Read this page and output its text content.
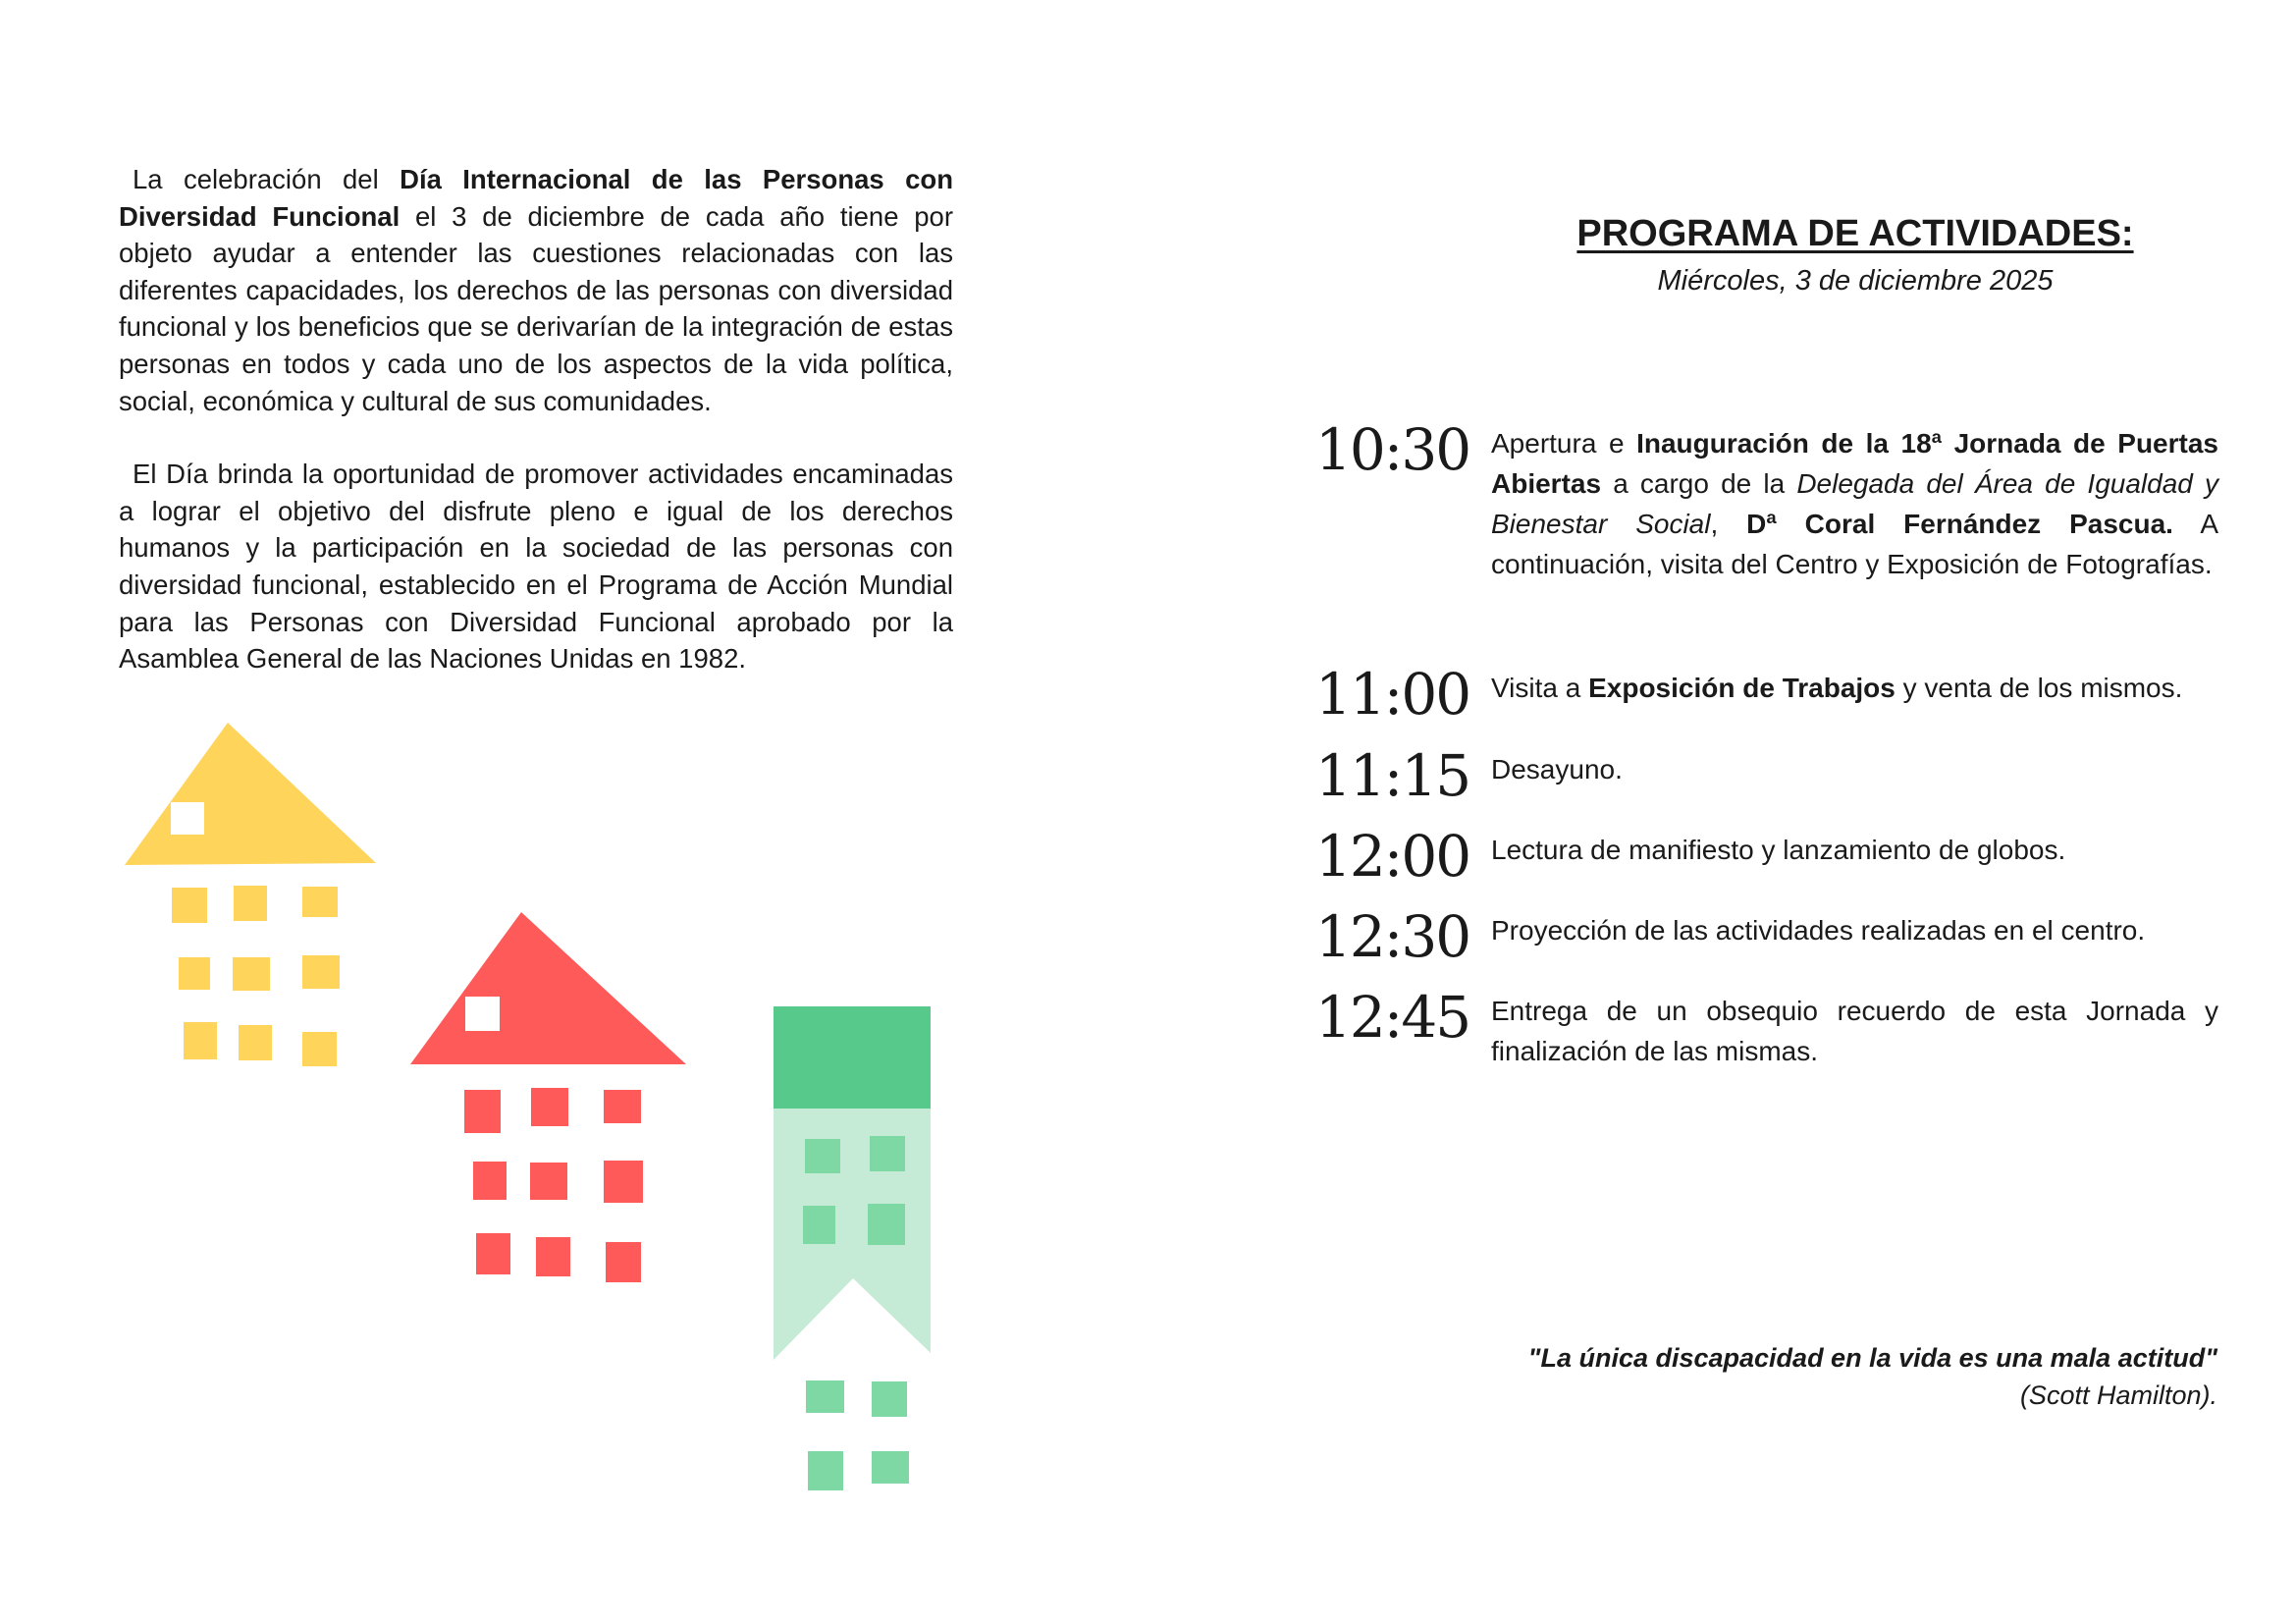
La celebración del Día Internacional de las Personas con Diversidad Funcional el 3 de diciembre de cada año tiene por objeto ayudar a entender las cuestiones relacionadas con las diferentes capacidades, los derechos de las personas con diversidad funcional y los beneficios que se derivarían de la integración de estas personas en todos y cada uno de los aspectos de la vida política, social, económica y cultural de sus comunidades.

El Día brinda la oportunidad de promover actividades encaminadas a lograr el objetivo del disfrute pleno e igual de los derechos humanos y la participación en la sociedad de las personas con diversidad funcional, establecido en el Programa de Acción Mundial para las Personas con Diversidad Funcional aprobado por la Asamblea General de las Naciones Unidas en 1982.

PROGRAMA DE ACTIVIDADES:
Miércoles, 3 de diciembre 2025
10:30 Apertura e Inauguración de la 18ª Jornada de Puertas Abiertas a cargo de la Delegada del Área de Igualdad y Bienestar Social, Dª Coral Fernández Pascua. A continuación, visita del Centro y Exposición de Fotografías.
11:00 Visita a Exposición de Trabajos y venta de los mismos.
11:15 Desayuno.
12:00 Lectura de manifiesto y lanzamiento de globos.
12:30 Proyección de las actividades realizadas en el centro.
12:45 Entrega de un obsequio recuerdo de esta Jornada y finalización de las mismas.
"La única discapacidad en la vida es una mala actitud"
(Scott Hamilton).
